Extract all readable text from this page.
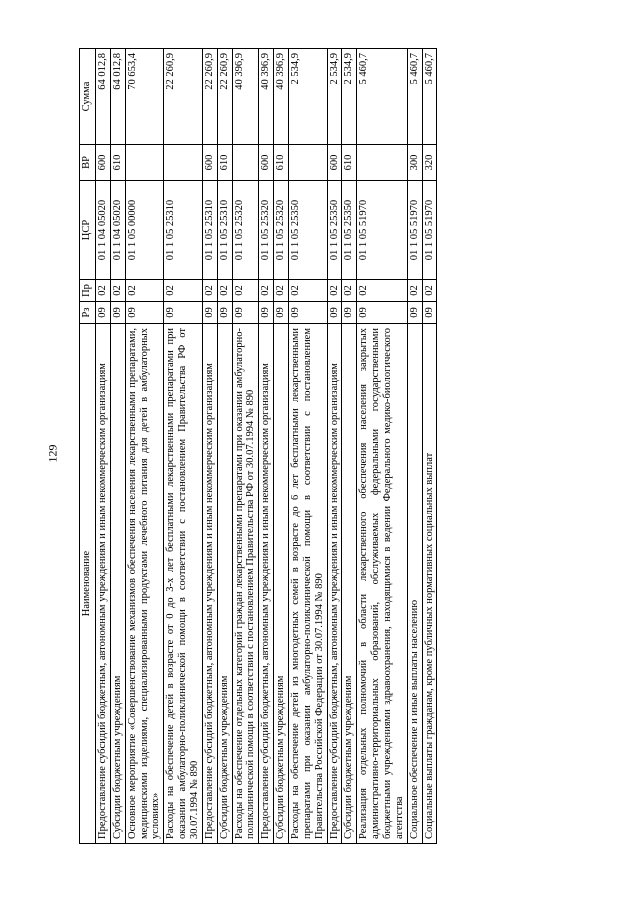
129
Наименование	Рз	Пр	ЦСР	ВР	Сумма
Предоставление субсидий бюджетным, автономным учреждениям и иным некоммерческим организациям	09	02	01 1 04 05020	600	64 012,8
Субсидии бюджетным учреждениям	09	02	01 1 04 05020	610	64 012,8
Основное мероприятие «Совершенствование механизмов обеспечения населения лекарственными препаратами, медицинскими изделиями, специализированными продуктами лечебного питания для детей в амбулаторных условиях»	09	02	01 1 05 00000		70 653,4
Расходы на обеспечение детей в возрасте от 0 до 3-х лет бесплатными лекарственными препаратами при оказании амбулаторно-поликлинической помощи в соответствии с постановлением Правительства РФ от 30.07.1994 № 890	09	02	01 1 05 25310		22 260,9
Предоставление субсидий бюджетным, автономным учреждениям и иным некоммерческим организациям	09	02	01 1 05 25310	600	22 260,9
Субсидии бюджетным учреждениям	09	02	01 1 05 25310	610	22 260,9
Расходы на обеспечение отдельных категорий граждан лекарственными препаратами при оказании амбулаторно-поликлинической помощи в соответствии с постановлением Правительства РФ от 30.07.1994 № 890	09	02	01 1 05 25320		40 396,9
Предоставление субсидий бюджетным, автономным учреждениям и иным некоммерческим организациям	09	02	01 1 05 25320	600	40 396,9
Субсидии бюджетным учреждениям	09	02	01 1 05 25320	610	40 396,9
Расходы на обеспечение детей из многодетных семей в возрасте до 6 лет бесплатными лекарственными препаратами при оказании амбулаторно-поликлинической помощи в соответствии с постановлением Правительства Российской Федерации от 30.07.1994 № 890	09	02	01 1 05 25350		2 534,9
Предоставление субсидий бюджетным, автономным учреждениям и иным некоммерческим организациям	09	02	01 1 05 25350	600	2 534,9
Субсидии бюджетным учреждениям	09	02	01 1 05 25350	610	2 534,9
Реализация отдельных полномочий в области лекарственного обеспечения населения закрытых административно-территориальных образований, обслуживаемых федеральными государственными бюджетными учреждениями здравоохранения, находящимися в ведении Федерального медико-биологического агентства	09	02	01 1 05 51970		5 460,7
Социальное обеспечение и иные выплаты населению	09	02	01 1 05 51970	300	5 460,7
Социальные выплаты гражданам, кроме публичных нормативных социальных выплат	09	02	01 1 05 51970	320	5 460,7
